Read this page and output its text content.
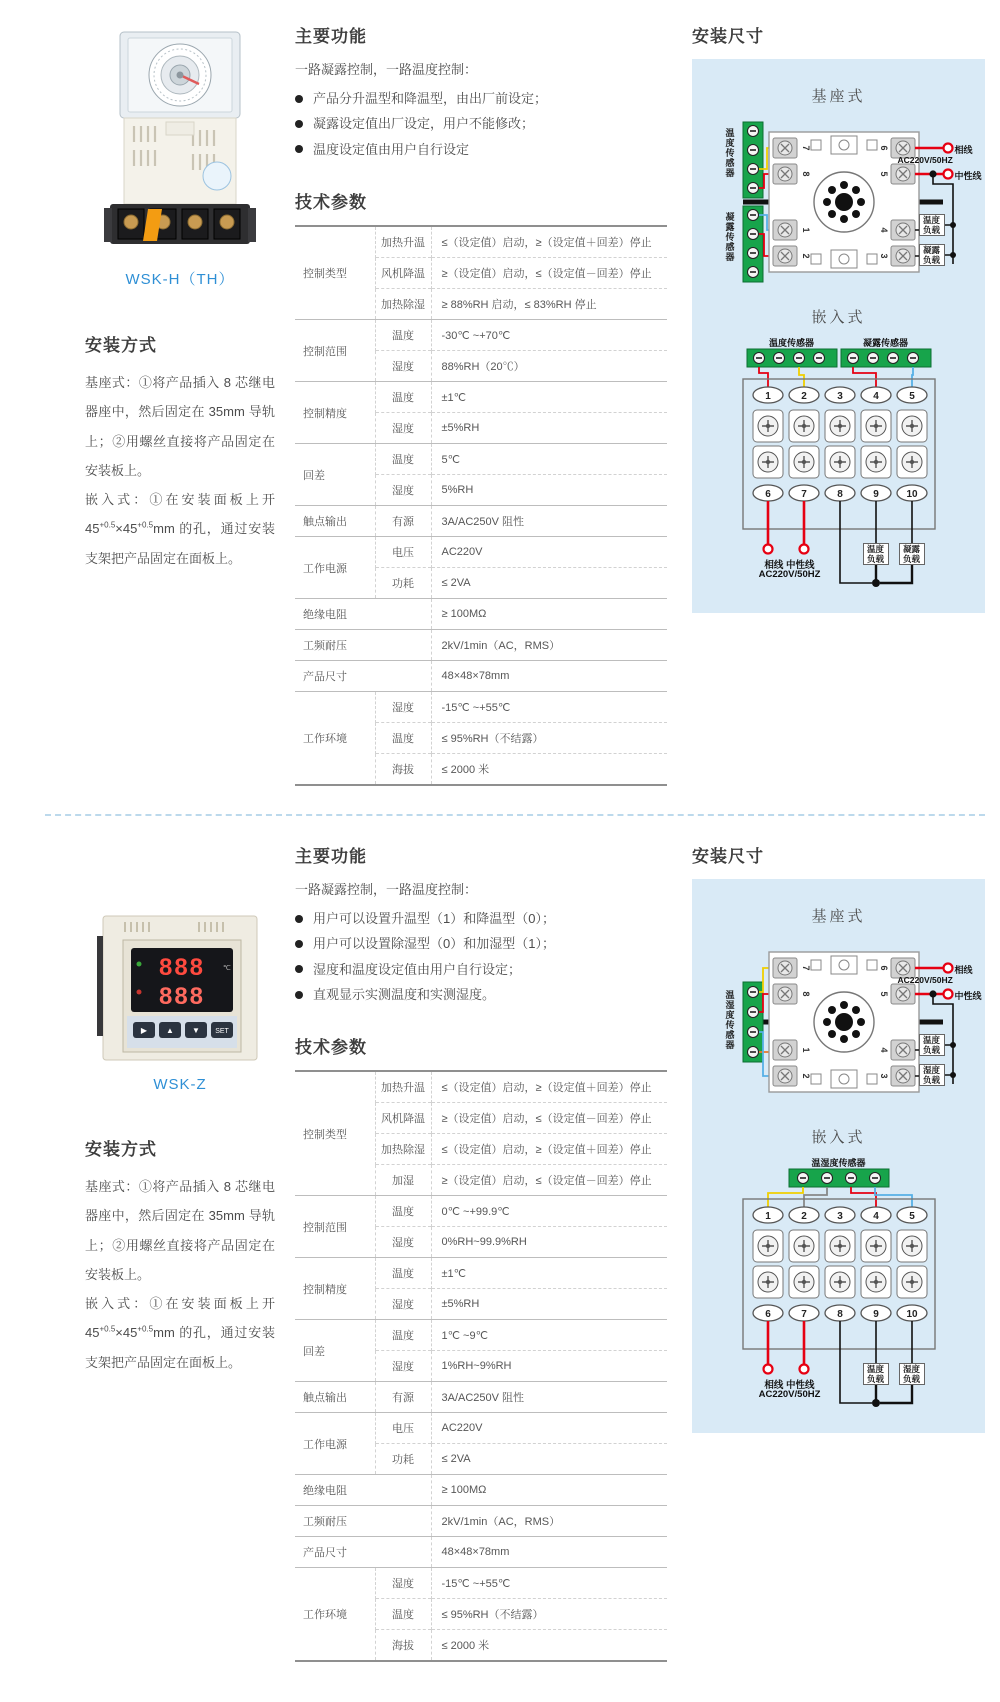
WSK-H（TH）
安装方式

基座式：①将产品插入 8 芯继电器座中，然后固定在 35mm 导轨上；②用螺丝直接将产品固定在安装板上。

嵌入式：①在安装面板上开 $45^{+0.5}\times 45^{+0.5}mm$ 的孔，通过安装支架把产品固定在面板上。

主要功能

一路凝露控制，一路温度控制：

产品分升温型和降温型，由出厂前设定；
凝露设定值出厂设定，用户不能修改；
温度设定值由用户自行设定
技术参数
控制类型	加热升温	≤（设定值）启动，≥（设定值＋回差）停止
	风机降温	≥（设定值）启动，≤（设定值－回差）停止
	加热除湿	≥ 88%RH 启动，≤ 83%RH 停止
控制范围	温度	-30℃ ~+70℃
	湿度	88%RH（20℃）
控制精度	温度	±1℃
	湿度	±5%RH
回差	温度	5℃
	湿度	5%RH
触点输出	有源	3A/AC250V 阻性
工作电源	电压	AC220V
	功耗	≤ 2VA
绝缘电阻		≥ 100MΩ
工频耐压		2kV/1min（AC，RMS）
产品尺寸		48×48×78mm
工作环境	湿度	-15℃ ~+55℃
	温度	≤ 95%RH（不结露）
	海拔	≤ 2000 米
安装尺寸
基座式
7
8
1
2
6
5
4
3
温度传感器
凝露传感器
相线
AC220V/50HZ
中性线
温度负载
凝露负载
嵌入式
1	2	3	4	5
6	7	8	9	10
温度传感器	凝露传感器
相线 中性线
AC220V/50HZ
温度负载
凝露负载
888	℃
888
▶ ▲ ▼ SET
WSK-Z
安装方式

基座式：①将产品插入 8 芯继电器座中，然后固定在 35mm 导轨上；②用螺丝直接将产品固定在安装板上。

嵌入式：①在安装面板上开 $45^{+0.5}\times 45^{+0.5}mm$ 的孔，通过安装支架把产品固定在面板上。

主要功能

一路凝露控制，一路温度控制：

用户可以设置升温型（1）和降温型（0）；
用户可以设置除湿型（0）和加湿型（1）；
湿度和温度设定值由用户自行设定；
直观显示实测温度和实测湿度。
技术参数
控制类型	加热升温	≤（设定值）启动，≥（设定值＋回差）停止
	风机降温	≥（设定值）启动，≤（设定值－回差）停止
	加热除湿	≤（设定值）启动，≥（设定值＋回差）停止
	加湿	≥（设定值）启动，≤（设定值－回差）停止
控制范围	温度	0℃ ~+99.9℃
	湿度	0%RH~99.9%RH
控制精度	温度	±1℃
	湿度	±5%RH
回差	温度	1℃ ~9℃
	湿度	1%RH~9%RH
触点输出	有源	3A/AC250V 阻性
工作电源	电压	AC220V
	功耗	≤ 2VA
绝缘电阻		≥ 100MΩ
工频耐压		2kV/1min（AC，RMS）
产品尺寸		48×48×78mm
工作环境	湿度	-15℃ ~+55℃
	温度	≤ 95%RH（不结露）
	海拔	≤ 2000 米
安装尺寸
基座式
7
8
1
2
6
5
4
3
温湿度传感器
相线
AC220V/50HZ
中性线
温度负载
湿度负载
嵌入式
1	2	3	4	5
6	7	8	9	10
温湿度传感器
相线 中性线
AC220V/50HZ
温度负载
湿度负载
